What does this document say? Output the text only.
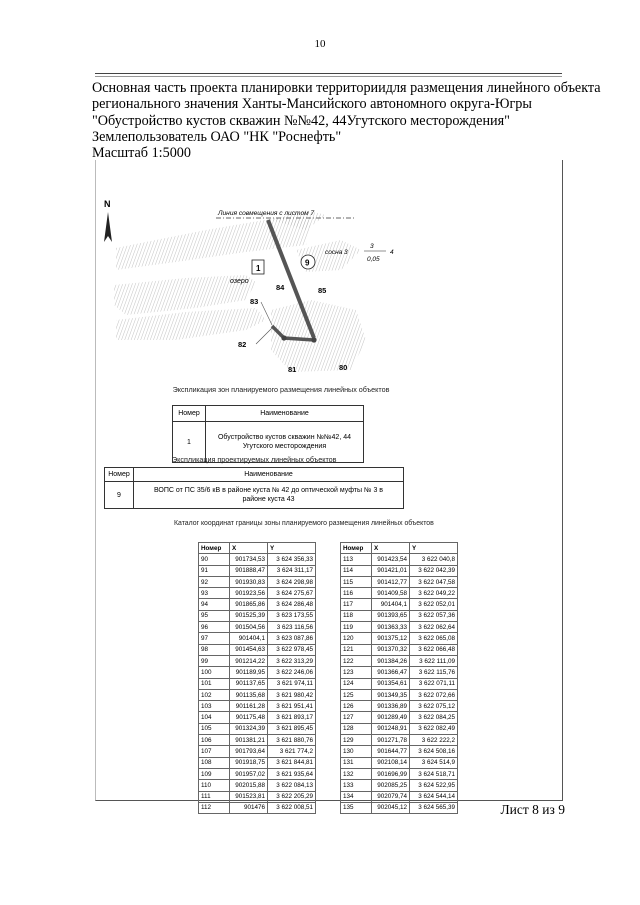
10
Основная часть проекта планировки территориидля размещения линейного объекта
регионального значения Ханты-Мансийского автономного округа-Югры
"Обустройство кустов скважин №№42, 44Угутского месторождения"
Землепользователь ОАО "НК "Роснефть"
Масштаб 1:5000
N
Линия совмещения с листом 7
сосна 3
3
0,05
4
1
озеро
9
84	85
83
82
81	80
Экспликация зон планируемого размещения линейных объектов
Номер	Наименование
1	Обустройство кустов скважин №№42, 44 Угутского месторождения
Экспликация проектируемых линейных объектов
Номер	Наименование
9	ВОПС от ПС 35/6 кВ в районе куста № 42 до оптической муфты № 3 в районе куста 43
Каталог координат границы зоны планируемого размещения линейных объектов
Номер	X	Y
90	901734,53	3 624 356,33
91	901888,47	3 624 311,17
92	901930,83	3 624 298,98
93	901923,56	3 624 275,67
94	901865,86	3 624 286,48
95	901525,39	3 623 173,55
96	901504,56	3 623 116,56
97	901404,1	3 623 087,86
98	901454,63	3 622 978,45
99	901214,22	3 622 313,29
100	901189,95	3 622 246,06
101	901137,65	3 621 974,11
102	901135,68	3 621 980,42
103	901161,28	3 621 951,41
104	901175,48	3 621 893,17
105	901324,39	3 621 895,45
106	901381,21	3 621 880,76
107	901793,64	3 621 774,2
108	901918,75	3 621 844,81
109	901957,02	3 621 935,64
110	902015,88	3 622 084,13
111	901523,81	3 622 205,29
112	901476	3 622 008,51
Номер	X	Y
113	901423,54	3 622 040,8
114	901421,01	3 622 042,39
115	901412,77	3 622 047,58
116	901409,58	3 622 049,22
117	901404,1	3 622 052,01
118	901393,65	3 622 057,36
119	901363,33	3 622 062,64
120	901375,12	3 622 065,08
121	901370,32	3 622 066,48
122	901384,26	3 622 111,09
123	901366,47	3 622 115,76
124	901354,61	3 622 071,11
125	901349,35	3 622 072,66
126	901336,89	3 622 075,12
127	901289,49	3 622 084,25
128	901248,91	3 622 082,49
129	901271,78	3 622 222,2
130	901644,77	3 624 508,16
131	902108,14	3 624 514,9
132	901696,99	3 624 518,71
133	902085,25	3 624 522,95
134	902079,74	3 624 544,14
135	902045,12	3 624 565,39	Лист 8 из 9
